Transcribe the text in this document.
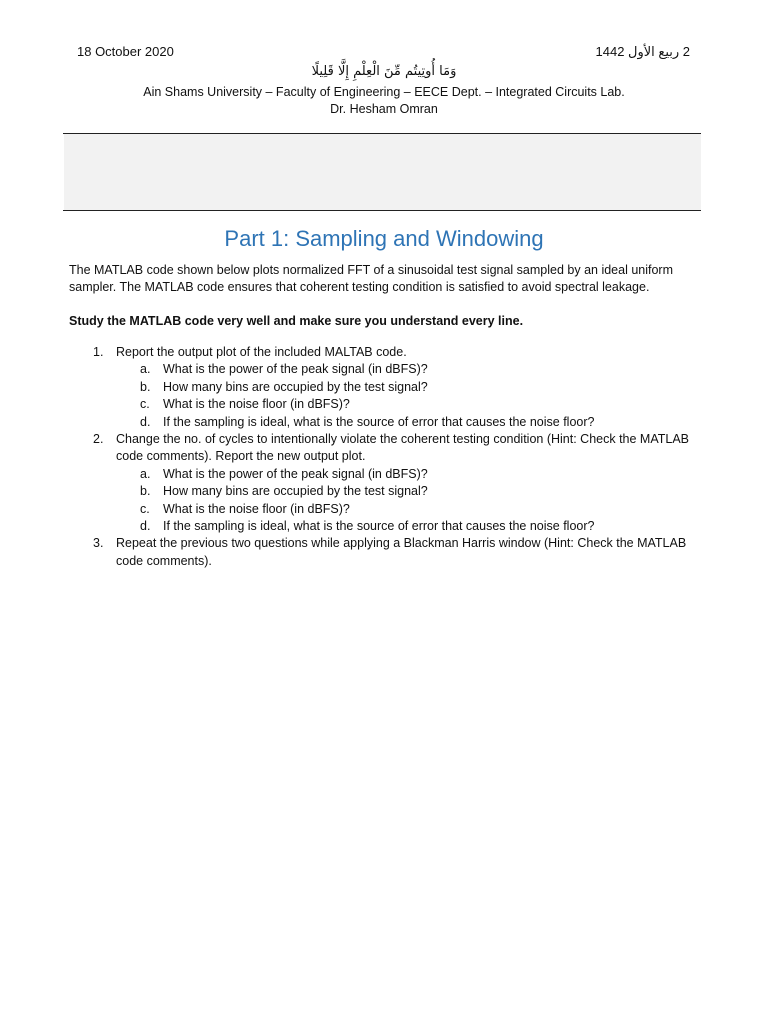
18 October 2020	2 ربيع الأول 1442
وَمَا أُوتِيتُم مِّنَ الْعِلْمِ إِلَّا قَلِيلًا
Ain Shams University – Faculty of Engineering – EECE Dept. – Integrated Circuits Lab.
Dr. Hesham Omran
Part 1: Sampling and Windowing
The MATLAB code shown below plots normalized FFT of a sinusoidal test signal sampled by an ideal uniform sampler. The MATLAB code ensures that coherent testing condition is satisfied to avoid spectral leakage.
Study the MATLAB code very well and make sure you understand every line.
1. Report the output plot of the included MALTAB code.
a. What is the power of the peak signal (in dBFS)?
b. How many bins are occupied by the test signal?
c. What is the noise floor (in dBFS)?
d. If the sampling is ideal, what is the source of error that causes the noise floor?
2. Change the no. of cycles to intentionally violate the coherent testing condition (Hint: Check the MATLAB code comments). Report the new output plot.
a. What is the power of the peak signal (in dBFS)?
b. How many bins are occupied by the test signal?
c. What is the noise floor (in dBFS)?
d. If the sampling is ideal, what is the source of error that causes the noise floor?
3. Repeat the previous two questions while applying a Blackman Harris window (Hint: Check the MATLAB code comments).
